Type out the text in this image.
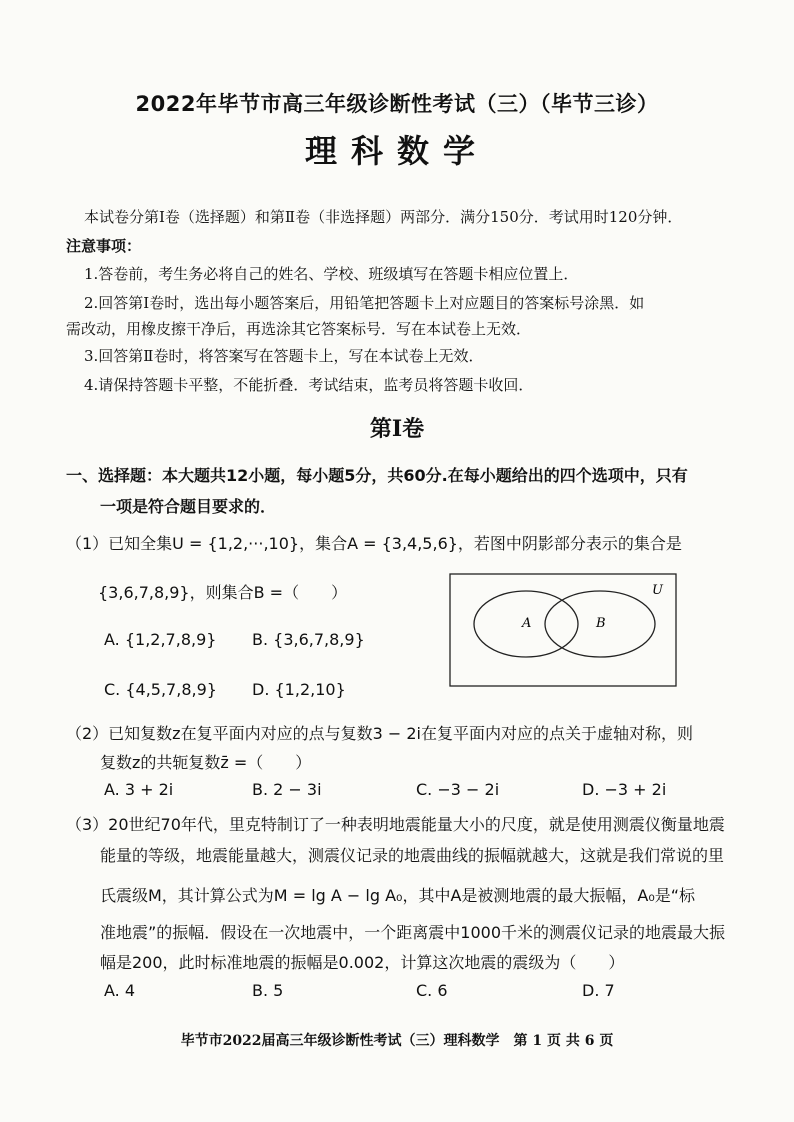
2022年毕节市高三年级诊断性考试（三）（毕节三诊）
理科数学
本试卷分第Ⅰ卷（选择题）和第Ⅱ卷（非选择题）两部分．满分150分．考试用时120分钟．
注意事项：
1.答卷前，考生务必将自己的姓名、学校、班级填写在答题卡相应位置上．
2.回答第Ⅰ卷时，选出每小题答案后，用铅笔把答题卡上对应题目的答案标号涂黑．如
需改动，用橡皮擦干净后，再选涂其它答案标号．写在本试卷上无效．
3.回答第Ⅱ卷时，将答案写在答题卡上，写在本试卷上无效．
4.请保持答题卡平整，不能折叠．考试结束，监考员将答题卡收回．
第Ⅰ卷
一、选择题：本大题共12小题，每小题5分，共60分.在每小题给出的四个选项中，只有
一项是符合题目要求的．
（1）已知全集U = {1,2,···,10}，集合A = {3,4,5,6}，若图中阴影部分表示的集合是
{3,6,7,8,9}，则集合B =（　　）
A. {1,2,7,8,9} B. {3,6,7,8,9}
C. {4,5,7,8,9} D. {1,2,10}
U
A	B
（2）已知复数z在复平面内对应的点与复数3 − 2i在复平面内对应的点关于虚轴对称，则
复数z的共轭复数z̄ =（　　）
A. 3 + 2i	B. 2 − 3i	C. −3 − 2i	D. −3 + 2i
（3）20世纪70年代，里克特制订了一种表明地震能量大小的尺度，就是使用测震仪衡量地震
能量的等级，地震能量越大，测震仪记录的地震曲线的振幅就越大，这就是我们常说的里
氏震级M，其计算公式为M = lg A − lg A₀，其中A是被测地震的最大振幅，A₀是“标
准地震”的振幅．假设在一次地震中，一个距离震中1000千米的测震仪记录的地震最大振
幅是200，此时标准地震的振幅是0.002，计算这次地震的震级为（　　）
A. 4	B. 5	C. 6	D. 7
毕节市2022届高三年级诊断性考试（三）理科数学　第 1 页 共 6 页
